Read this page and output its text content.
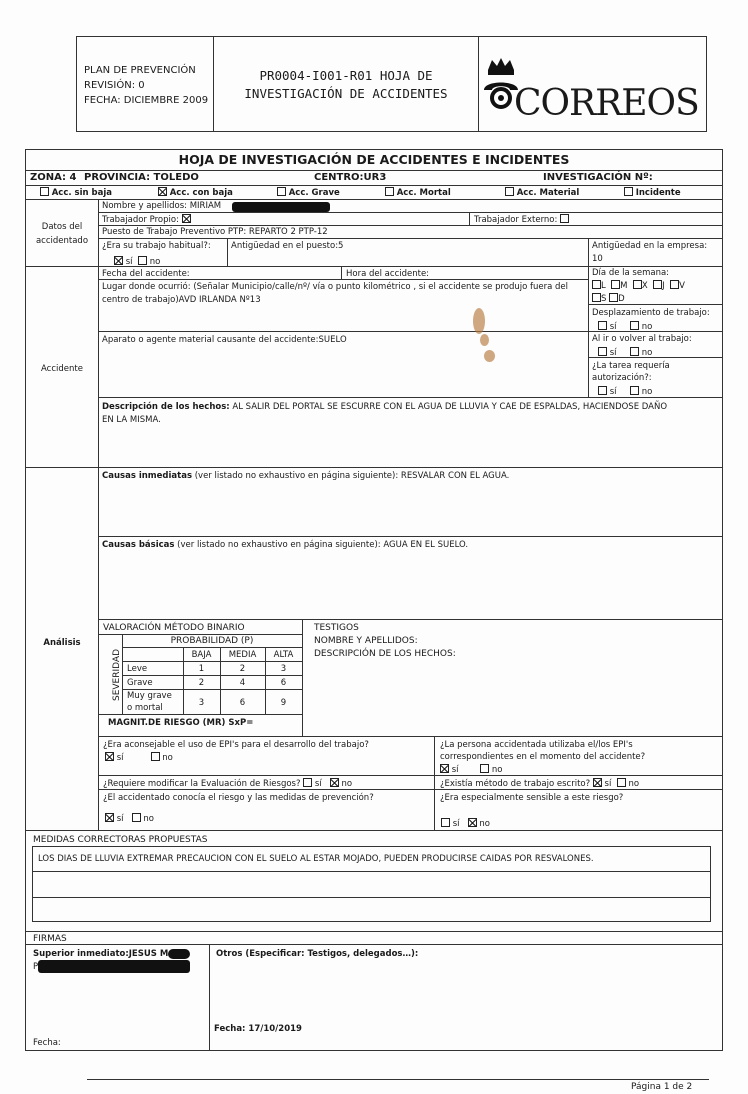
PLAN DE PREVENCIÓN
REVISIÓN: 0
FECHA: DICIEMBRE 2009
PR0004-I001-R01 HOJA DE
INVESTIGACIÓN DE ACCIDENTES	CORREOS
HOJA DE INVESTIGACIÓN DE ACCIDENTES E INCIDENTES
ZONA: 4 PROVINCIA: TOLEDO	CENTRO:UR3	INVESTIGACIÓN Nº:
Acc. sin baja	Acc. con baja	Acc. Grave	Acc. Mortal	Acc. Material	Incidente
Datos del
accidentado
Nombre y apellidos: MIRIAM
Trabajador Propio:	Trabajador Externo:
Puesto de Trabajo Preventivo PTP: REPARTO 2 PTP-12
¿Era su trabajo habitual?: Antigüedad en el puesto:5	Antigüedad en la empresa:
10
sí	no
Accidente
Fecha del accidente:	Hora del accidente:	Día de la semana:
L M X J V
S D
Lugar donde ocurrió: (Señalar Municipio/calle/nº/ vía o punto kilométrico , si el accidente se produjo fuera del
centro de trabajo)AVD IRLANDA Nº13
Desplazamiento de trabajo:
sí	no
Aparato o agente material causante del accidente:SUELO	Al ir o volver al trabajo:
sí	no
¿La tarea requería
autorización?:
sí	no
Descripción de los hechos: AL SALIR DEL PORTAL SE ESCURRE CON EL AGUA DE LLUVIA Y CAE DE ESPALDAS, HACIENDOSE DAÑO
EN LA MISMA.
Análisis
Causas inmediatas (ver listado no exhaustivo en página siguiente): RESVALAR CON EL AGUA.
Causas básicas (ver listado no exhaustivo en página siguiente): AGUA EN EL SUELO.
VALORACIÓN MÉTODO BINARIO
PROBABILIDAD (P)
SEVERIDAD	BAJA	MEDIA	ALTA
Leve	1	2	3
Grave	2	4	6
Muy grave
o mortal	3	6	9
MAGNIT.DE RIESGO (MR) SxP=
TESTIGOS
NOMBRE Y APELLIDOS:
DESCRIPCIÓN DE LOS HECHOS:
¿Era aconsejable el uso de EPI's para el desarrollo del trabajo?
sí	no
¿La persona accidentada utilizaba el/los EPI's
correspondientes en el momento del accidente?
sí	no
¿Requiere modificar la Evaluación de Riesgos? sí no	¿Existía método de trabajo escrito? sí no
¿El accidentado conocía el riesgo y las medidas de prevención?
sí no
¿Era especialmente sensible a este riesgo?
sí no
MEDIDAS CORRECTORAS PROPUESTAS
LOS DIAS DE LLUVIA EXTREMAR PRECAUCION CON EL SUELO AL ESTAR MOJADO, PUEDEN PRODUCIRSE CAIDAS POR RESVALONES.
FIRMAS
Superior inmediato:JESUS M
P
Otros (Especificar: Testigos, delegados…):
Fecha: 17/10/2019
Fecha:
Página 1 de 2
